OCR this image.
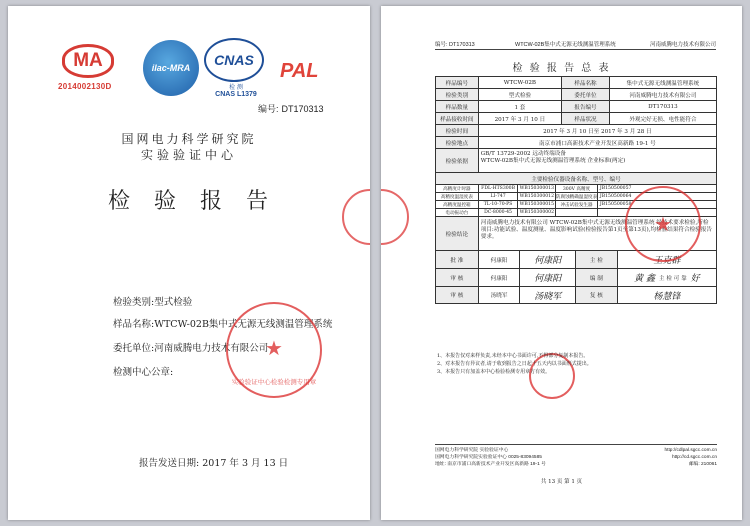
MA
2014002130D
ilac-MRA	CNAS
检 测
CNAS L1379
PAL
编号: DT170313
国网电力科学研究院
实验验证中心
检验报告
检验类别:型式检验
样品名称:WTCW-02B集中式无源无线测温管理系统
委托单位:河南威腾电力技术有限公司
检测中心公章:
★
实验验证中心检验检测专用章
报告发送日期: 2017 年 3 月 13 日
编号: DT170313	WTCW-02B集中式无源无线测温管理系统	河南威腾电力技术有限公司
检 验 报 告 总 表
样品编号	WTCW-02B	样品名称	集中式无源无线测温管理系统
检验类别	型式检验	委托单位	河南威腾电力技术有限公司
样品数量	1 套	报告编号	DT170313
样品接收时间	2017 年 3 月 10 日	样品状况	外观完好无损、电性能符合
检验时间	2017 年 3 月 10 日至 2017 年 3 月 28 日
检验地点	南京市浦口高新技术产业开发区高新路 19-1 号
检验依据
GB/T 13729-2002 远动终端设备
WTCW-02B集中式无源无线测温管理系统 企业标准(两定)
主要检验仪器设备名称、型号、编号
高精度计时器	FDL-HTS300B	WB150300013	300V 高精度	JB150500057
高精度温湿度表	LI-747	WB150300012 防腐蚀精确温湿度表 JB150500064
高精度温控箱	TL-10-70-PS	WB150300015	冲击试验发生器	JB150500058
电动振动台	DC-8000-45	WB150300002
检验结论
河南威腾电力技术有限公司 WTCW-02B集中式无源无线测温管理系统 经技术要求检验,所检项目:功能试验、温度测量、温度影响试验(检验报告第1页至第13页),均检验结果符合检验报告要求。
批 准	何康阳	何康阳	主 检	王克群
审 核	何康阳	何康阳	编 制	黄 鑫 主 检 可 靠 好
审 核	汤晓军	汤晓军	复 核	杨慧锋
★
1、本报告仅对来样负责,未经本中心书面许可,不得部分复制本报告。
2、对本报告有异议者,请于收到报告之日起十五天内以书面形式提出。
3、本报告只有加盖本中心检验检测专用章方有效。
国网电力科学研究院 实验验证中心	http://cdlpal.sgcc.com.cn
国网电力科学研究院实验验证中心 0025-83094585	http://cd.sgcc.com.cn
地址: 南京市浦口高新技术产业开发区高新路 19-1 号	邮编: 210061
共 13 页 第 1 页
